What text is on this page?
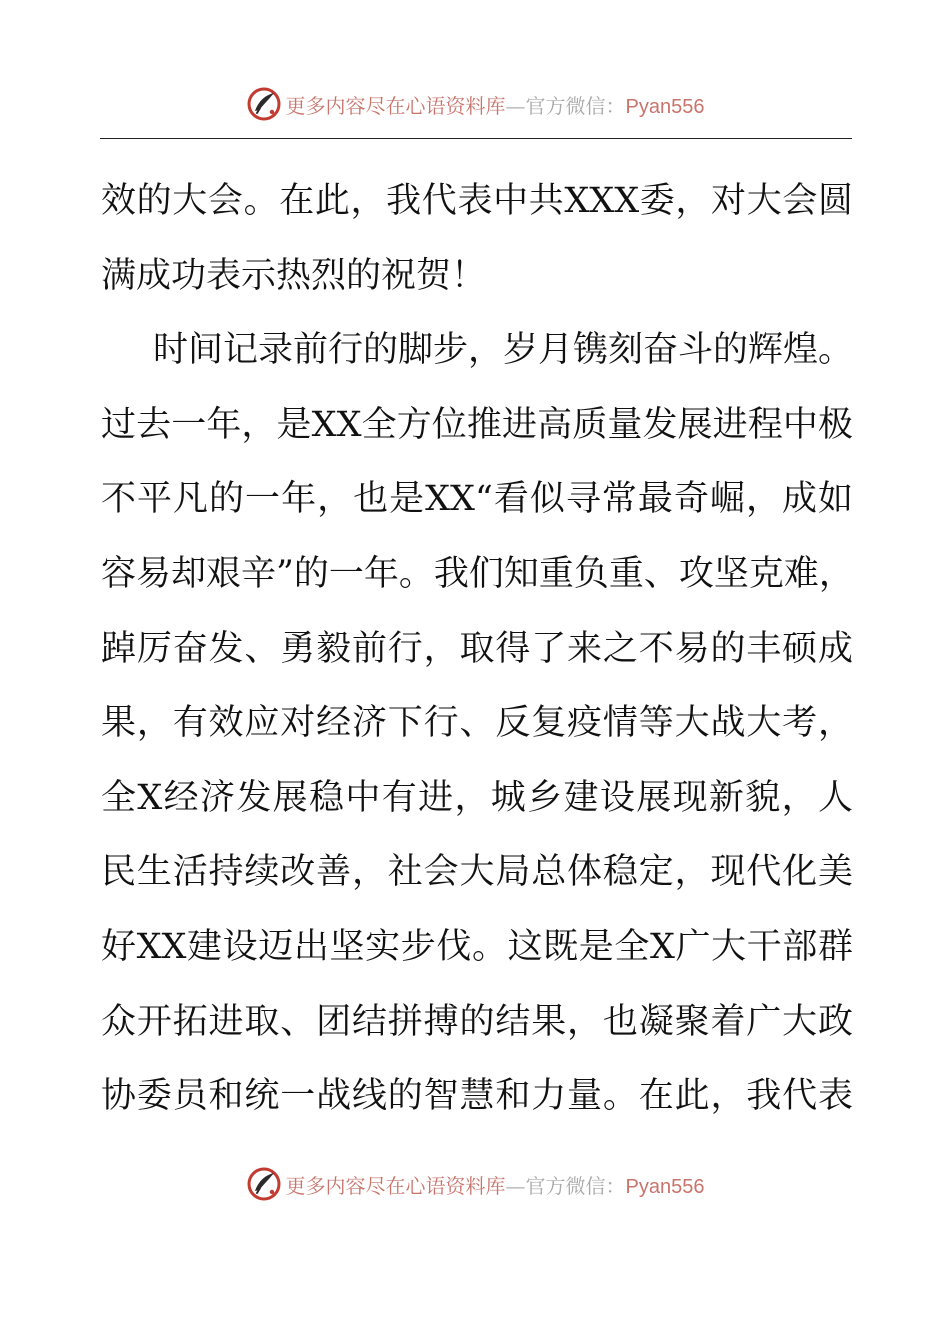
更多内容尽在心语资料库—官方微信：Pyan556
效的大会。在此，我代表中共XXX委，对大会圆
满成功表示热烈的祝贺！
时间记录前行的脚步，岁月镌刻奋斗的辉煌。
过去一年，是XX全方位推进高质量发展进程中极
不平凡的一年，也是XX“看似寻常最奇崛，成如
容易却艰辛”的一年。我们知重负重、攻坚克难，
踔厉奋发、勇毅前行，取得了来之不易的丰硕成
果，有效应对经济下行、反复疫情等大战大考，
全X经济发展稳中有进，城乡建设展现新貌，人
民生活持续改善，社会大局总体稳定，现代化美
好XX建设迈出坚实步伐。这既是全X广大干部群
众开拓进取、团结拼搏的结果，也凝聚着广大政
协委员和统一战线的智慧和力量。在此，我代表
更多内容尽在心语资料库—官方微信：Pyan556
